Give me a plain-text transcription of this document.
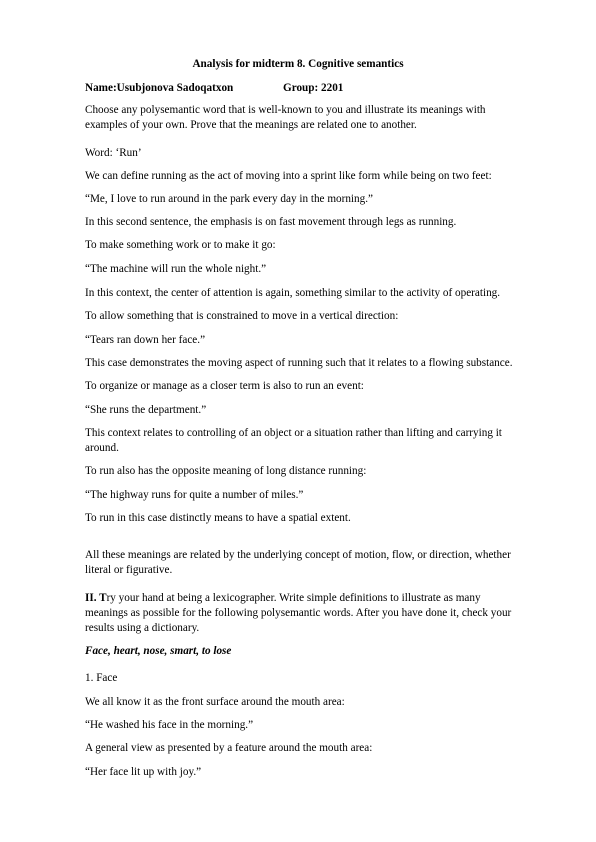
Analysis for midterm 8. Cognitive semantics
Name:Usubjonova Sadoqatxon	Group: 2201
Choose any polysemantic word that is well-known to you and illustrate its meanings with
examples of your own. Prove that the meanings are related one to another.
Word: ‘Run’
We can define running as the act of moving into a sprint like form while being on two feet:
“Me, I love to run around in the park every day in the morning.”
In this second sentence, the emphasis is on fast movement through legs as running.
To make something work or to make it go:
“The machine will run the whole night.”
In this context, the center of attention is again, something similar to the activity of operating.
To allow something that is constrained to move in a vertical direction:
“Tears ran down her face.”
This case demonstrates the moving aspect of running such that it relates to a flowing substance.
To organize or manage as a closer term is also to run an event:
“She runs the department.”
This context relates to controlling of an object or a situation rather than lifting and carrying it
around.
To run also has the opposite meaning of long distance running:
“The highway runs for quite a number of miles.”
To run in this case distinctly means to have a spatial extent.
All these meanings are related by the underlying concept of motion, flow, or direction, whether
literal or figurative.
II. Try your hand at being a lexicographer. Write simple definitions to illustrate as many
meanings as possible for the following polysemantic words. After you have done it, check your
results using a dictionary.
Face, heart, nose, smart, to lose
1. Face
We all know it as the front surface around the mouth area:
“He washed his face in the morning.”
A general view as presented by a feature around the mouth area:
“Her face lit up with joy.”
